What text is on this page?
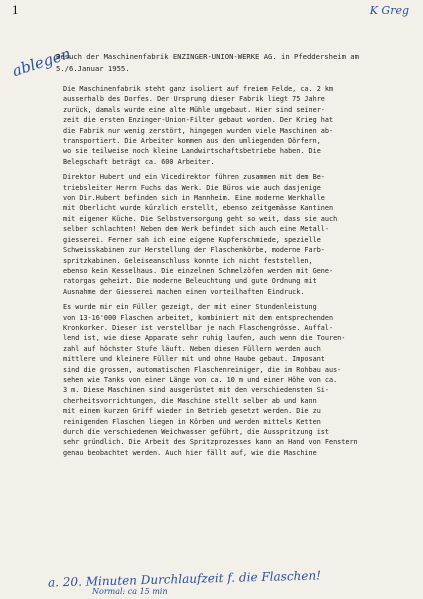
1	K Greg
ablegen

Besuch der Maschinenfabrik ENZINGER-UNION-WERKE AG. in Pfeddersheim am 5./6.Januar 1955.

Die Maschinenfabrik steht ganz isoliert auf freiem Felde, ca. 2 km
ausserhalb des Dorfes. Der Ursprung dieser Fabrik liegt 75 Jahre
zurück, damals wurde eine alte Mühle umgebaut. Hier sind seiner-
zeit die ersten Enzinger-Union-Filter gebaut worden. Der Krieg hat
die Fabrik nur wenig zerstört, hingegen wurden viele Maschinen ab-
transportiert. Die Arbeiter kommen aus den umliegenden Dörfern,
wo sie teilweise noch kleine Landwirtschaftsbetriebe haben. Die
Belegschaft beträgt ca. 600 Arbeiter.
Direktor Hubert und ein Vicedirektor führen zusammen mit dem Be-
triebsleiter Herrn Fuchs das Werk. Die Büros wie auch dasjenige
von Dir.Hubert befinden sich in Mannheim. Eine moderne Werkhalle
mit Oberlicht wurde kürzlich erstellt, ebenso zeitgemässe Kantinen
mit eigener Küche. Die Selbstversorgung geht so weit, dass sie auch
selber schlachten! Neben dem Werk befindet sich auch eine Metall-
giesserei. Ferner sah ich eine eigene Kupferschmiede, spezielle
Schweisskabinen zur Herstellung der Flaschenkörbe, moderne Farb-
spritzkabinen. Geleiseanschluss konnte ich nicht feststellen,
ebenso kein Kesselhaus. Die einzelnen Schmelzöfen werden mit Gene-
ratorgas geheizt. Die moderne Beleuchtung und gute Ordnung mit
Ausnahme der Giesserei machen einen vorteilhaften Eindruck.
Es wurde mir ein Füller gezeigt, der mit einer Stundenleistung
von 13-16'000 Flaschen arbeitet, kombiniert mit dem entsprechenden
Kronkorker. Dieser ist verstellbar je nach Flaschengrösse. Auffal-
lend ist, wie diese Apparate sehr ruhig laufen, auch wenn die Touren-
zahl auf höchster Stufe läuft. Neben diesen Füllern werden auch
mittlere und kleinere Füller mit und ohne Haube gebaut. Imposant
sind die grossen, automatischen Flaschenreiniger, die im Rohbau aus-
sehen wie Tanks von einer Länge von ca. 10 m und einer Höhe von ca.
3 m. Diese Maschinen sind ausgerüstet mit den verschiedensten Si-
cherheitsvorrichtungen, die Maschine stellt selber ab und kann
mit einem kurzen Griff wieder in Betrieb gesetzt werden. Die zu
reinigenden Flaschen liegen in Körben und werden mittels Ketten
durch die verschiedenen Weichwasser geführt, die Ausspritzung ist
sehr gründlich. Die Arbeit des Spritzprozesses kann an Hand von Fenstern
genau beobachtet werden. Auch hier fällt auf, wie die Maschine
a. 20. Minuten Durchlaufzeit f. die Flaschen!
Normal: ca 15 min
